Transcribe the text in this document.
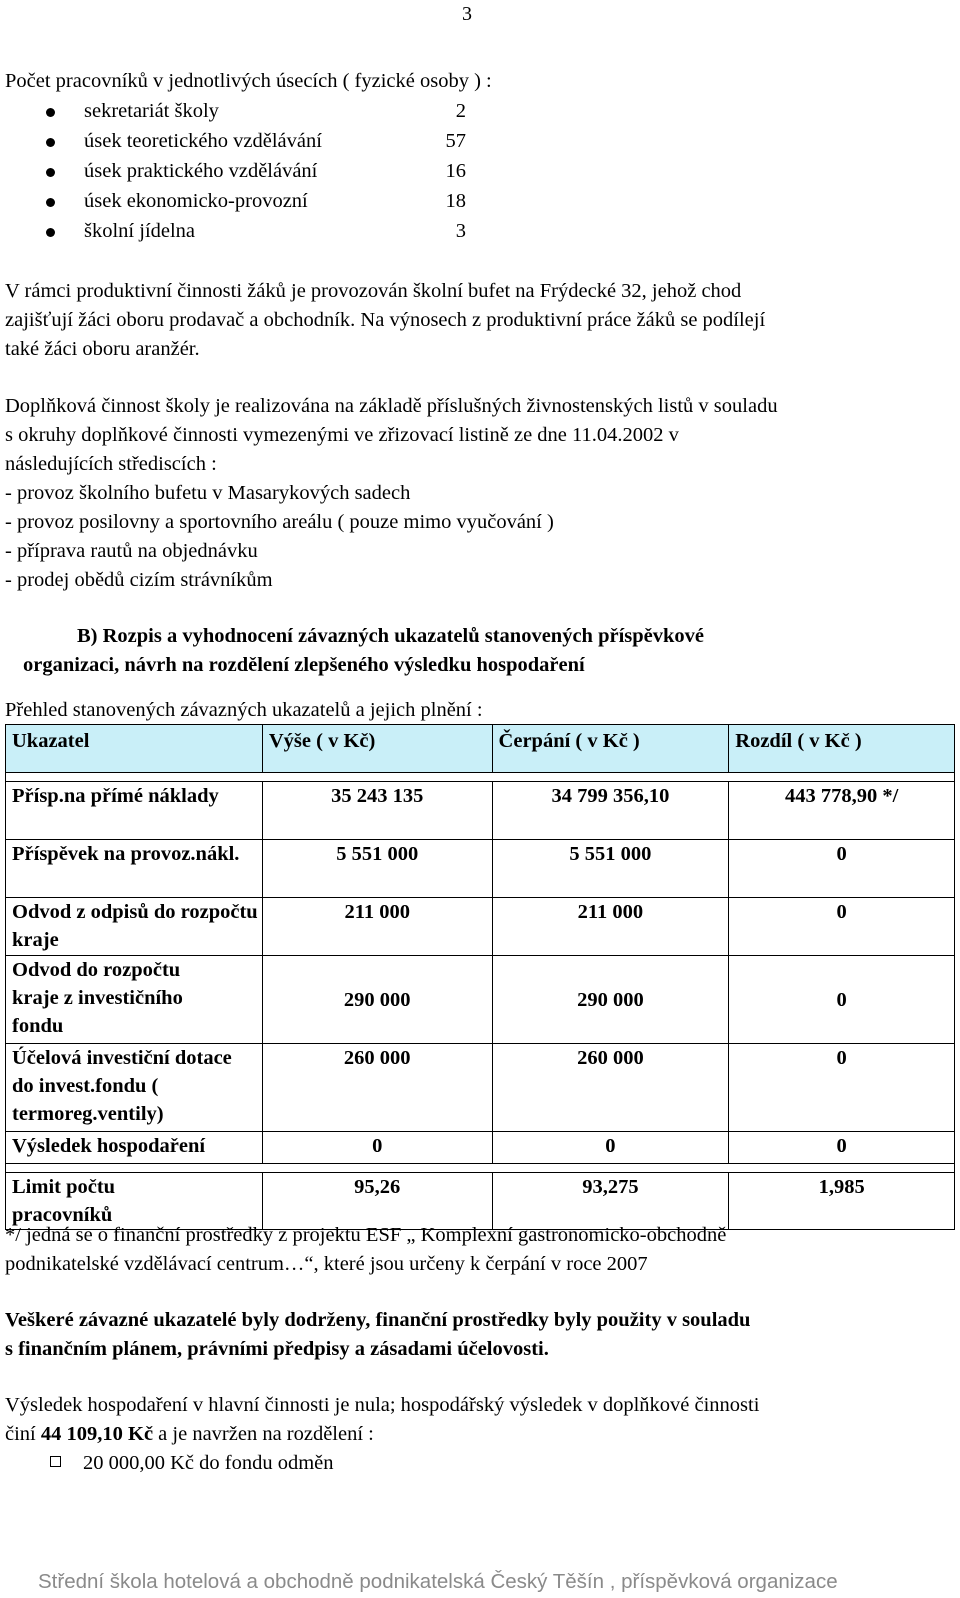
3
Počet pracovníků v jednotlivých úsecích ( fyzické osoby ) :
sekretariát školy	2
úsek teoretického vzdělávání	57
úsek praktického vzdělávání	16
úsek ekonomicko-provozní	18
školní jídelna	3
V rámci produktivní činnosti žáků je provozován školní bufet na Frýdecké 32, jehož chod
zajišťují žáci oboru prodavač a obchodník. Na výnosech z produktivní práce žáků se podílejí
také žáci oboru aranžér.
Doplňková činnost školy je realizována na základě příslušných živnostenských listů v souladu
s okruhy doplňkové činnosti vymezenými ve zřizovací listině ze dne 11.04.2002 v
následujících střediscích :
- provoz školního bufetu v Masarykových sadech
- provoz posilovny a sportovního areálu ( pouze mimo vyučování )
- příprava rautů na objednávku
- prodej obědů cizím strávníkům
B) Rozpis a vyhodnocení závazných ukazatelů stanovených příspěvkové
organizaci, návrh na rozdělení zlepšeného výsledku hospodaření
Přehled stanovených závazných ukazatelů a jejich plnění :
Ukazatel	Výše ( v Kč)	Čerpání ( v Kč )	Rozdíl ( v Kč )

Přísp.na přímé náklady	35 243 135	34 799 356,10	443 778,90 */
Příspěvek na provoz.nákl.	5 551 000	5 551 000	0
Odvod z odpisů do rozpočtu kraje	211 000	211 000	0
Odvod do rozpočtu kraje z investičního fondu	290 000	290 000	0
Účelová investiční dotace do invest.fondu ( termoreg.ventily)	260 000	260 000	0
Výsledek hospodaření	0	0	0

Limit počtu pracovníků	95,26	93,275	1,985
*/ jedná se o finanční prostředky z projektu ESF „ Komplexní gastronomicko-obchodně
podnikatelské vzdělávací centrum…“, které jsou určeny k čerpání v roce 2007
Veškeré závazné ukazatelé byly dodrženy, finanční prostředky byly použity v souladu
s finančním plánem, právními předpisy a zásadami účelovosti.
Výsledek hospodaření v hlavní činnosti je nula; hospodářský výsledek v doplňkové činnosti
činí 44 109,10 Kč a je navržen na rozdělení :
20 000,00 Kč do fondu odměn
Střední škola hotelová a obchodně podnikatelská Český Těšín , příspěvková organizace
